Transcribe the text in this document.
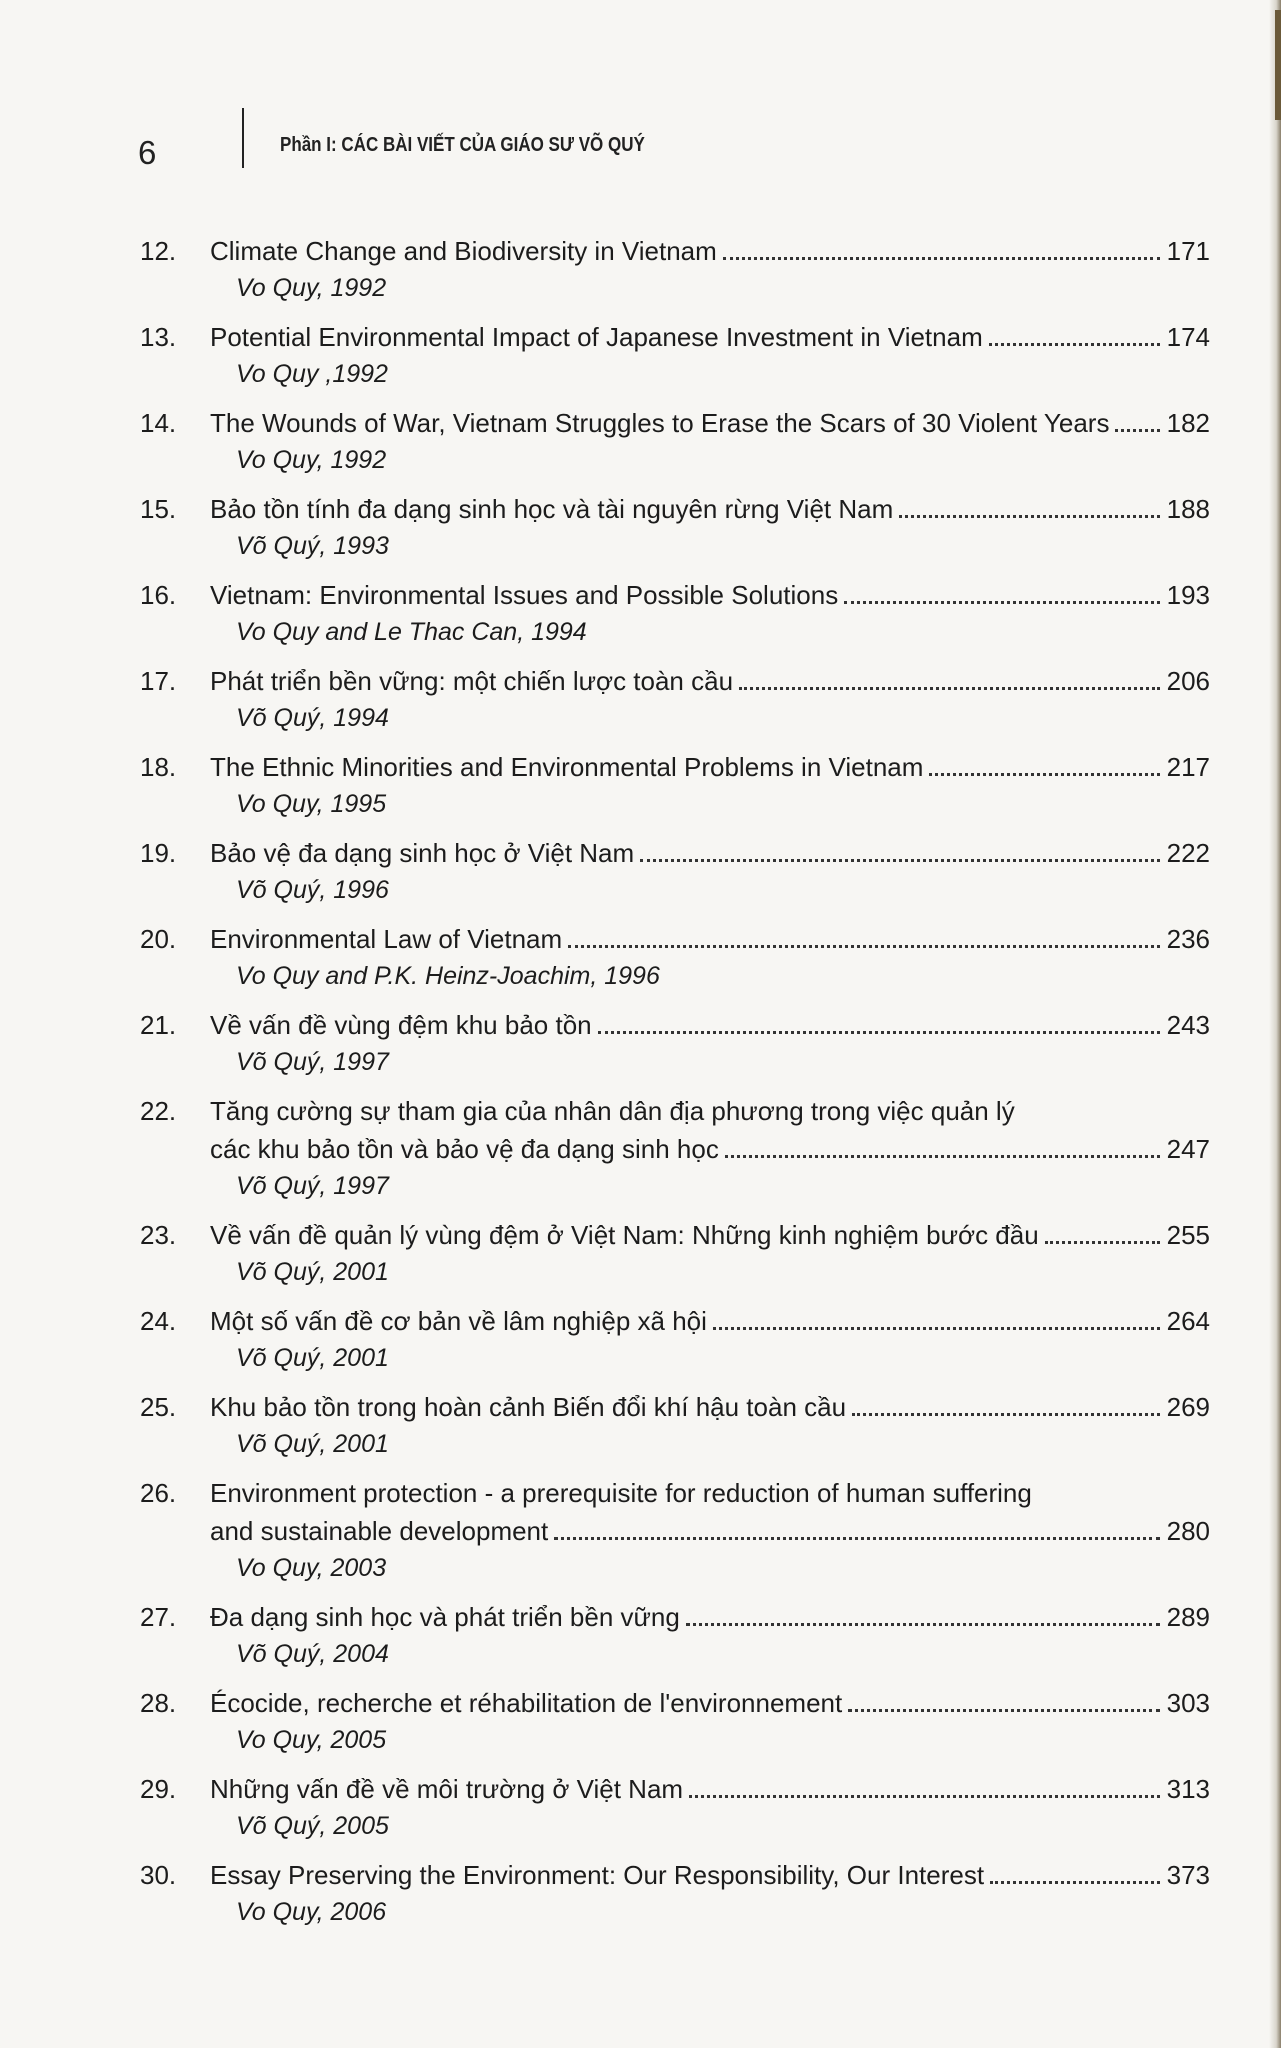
6	Phần I: CÁC BÀI VIẾT CỦA GIÁO SƯ VÕ QUÝ
12.	Climate Change and Biodiversity in Vietnam	171
Vo Quy, 1992
13.	Potential Environmental Impact of Japanese Investment in Vietnam	174
Vo Quy ,1992
14.	The Wounds of War, Vietnam Struggles to Erase the Scars of 30 Violent Years 182
Vo Quy, 1992
15.	Bảo tồn tính đa dạng sinh học và tài nguyên rừng Việt Nam	188
Võ Quý, 1993
16.	Vietnam: Environmental Issues and Possible Solutions	193
Vo Quy and Le Thac Can, 1994
17.	Phát triển bền vững: một chiến lược toàn cầu	206
Võ Quý, 1994
18.	The Ethnic Minorities and Environmental Problems in Vietnam	217
Vo Quy, 1995
19.	Bảo vệ đa dạng sinh học ở Việt Nam	222
Võ Quý, 1996
20.	Environmental Law of Vietnam	236
Vo Quy and P.K. Heinz-Joachim, 1996
21.	Về vấn đề vùng đệm khu bảo tồn	243
Võ Quý, 1997
22.	Tăng cường sự tham gia của nhân dân địa phương trong việc quản lý
các khu bảo tồn và bảo vệ đa dạng sinh học	247
Võ Quý, 1997
23.	Về vấn đề quản lý vùng đệm ở Việt Nam: Những kinh nghiệm bước đầu	255
Võ Quý, 2001
24.	Một số vấn đề cơ bản về lâm nghiệp xã hội	264
Võ Quý, 2001
25.	Khu bảo tồn trong hoàn cảnh Biến đổi khí hậu toàn cầu	269
Võ Quý, 2001
26.	Environment protection - a prerequisite for reduction of human suffering
and sustainable development	280
Vo Quy, 2003
27.	Đa dạng sinh học và phát triển bền vững	289
Võ Quý, 2004
28.	Écocide, recherche et réhabilitation de l'environnement	303
Vo Quy, 2005
29.	Những vấn đề về môi trường ở Việt Nam	313
Võ Quý, 2005
30.	Essay Preserving the Environment: Our Responsibility, Our Interest	373
Vo Quy, 2006
